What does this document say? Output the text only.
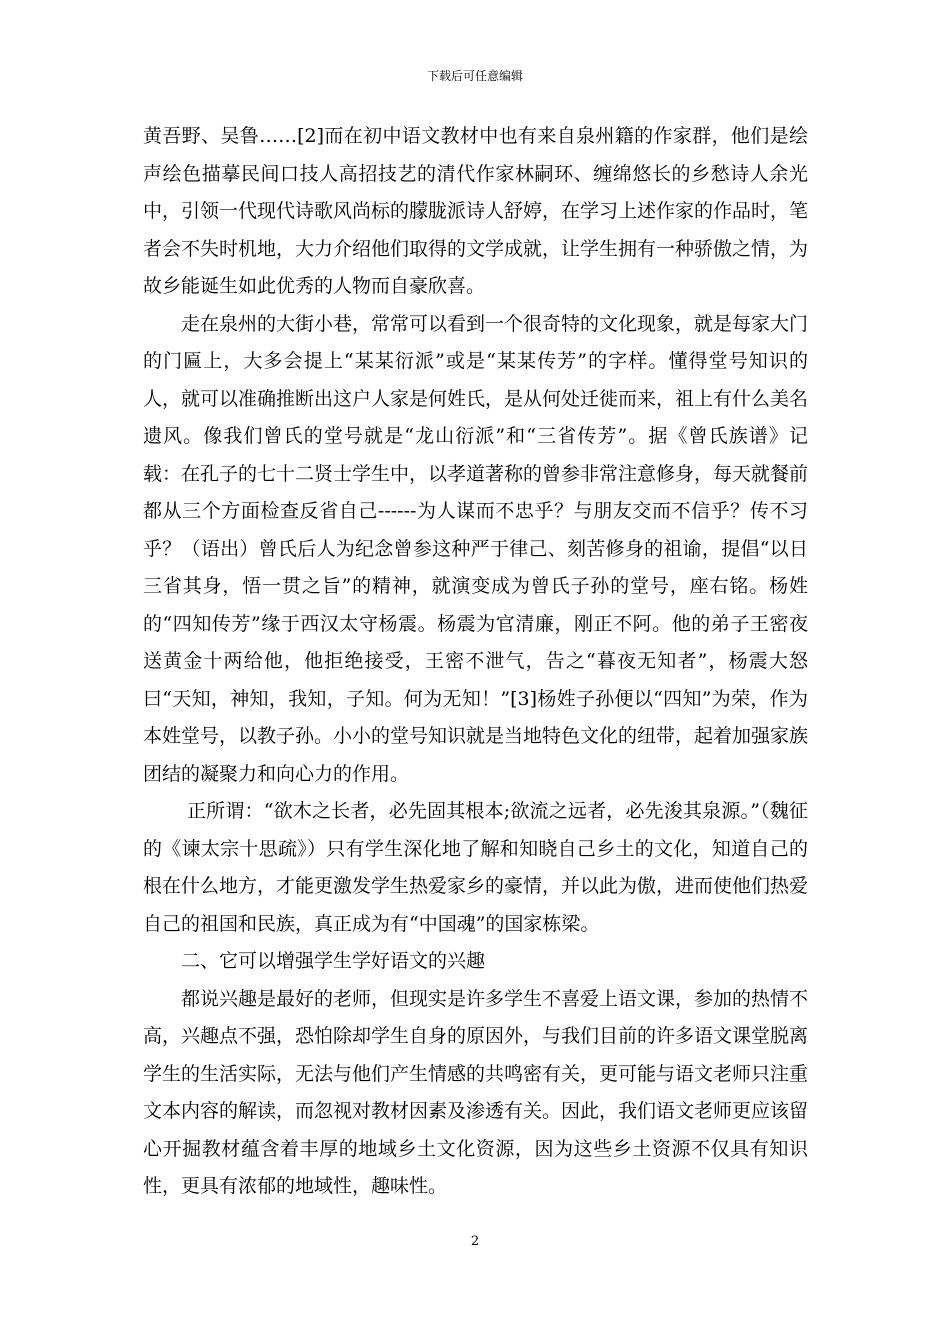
下载后可任意编辑

黄吾野、吴鲁……[2]而在初中语文教材中也有来自泉州籍的作家群，他们是绘声绘色描摹民间口技人高招技艺的清代作家林嗣环、缠绵悠长的乡愁诗人余光中，引领一代现代诗歌风尚标的朦胧派诗人舒婷，在学习上述作家的作品时，笔者会不失时机地，大力介绍他们取得的文学成就，让学生拥有一种骄傲之情，为故乡能诞生如此优秀的人物而自豪欣喜。

走在泉州的大街小巷，常常可以看到一个很奇特的文化现象，就是每家大门的门匾上，大多会提上“某某衍派”或是“某某传芳”的字样。懂得堂号知识的人，就可以准确推断出这户人家是何姓氏，是从何处迁徙而来，祖上有什么美名遗风。像我们曾氏的堂号就是“龙山衍派”和“三省传芳”。据《曾氏族谱》记载：在孔子的七十二贤士学生中，以孝道著称的曾参非常注意修身，每天就餐前都从三个方面检查反省自己------为人谋而不忠乎？与朋友交而不信乎？传不习乎？（语出）曾氏后人为纪念曾参这种严于律己、刻苦修身的祖谕，提倡“以日三省其身，悟一贯之旨”的精神，就演变成为曾氏子孙的堂号，座右铭。杨姓的“四知传芳”缘于西汉太守杨震。杨震为官清廉，刚正不阿。他的弟子王密夜送黄金十两给他，他拒绝接受，王密不泄气，告之“暮夜无知者”，杨震大怒曰“天知，神知，我知，子知。何为无知！”[3]杨姓子孙便以“四知”为荣，作为本姓堂号，以教子孙。小小的堂号知识就是当地特色文化的纽带，起着加强家族团结的凝聚力和向心力的作用。

正所谓：“欲木之长者，必先固其根本;欲流之远者，必先浚其泉源。”（魏征的《谏太宗十思疏》）只有学生深化地了解和知晓自己乡土的文化，知道自己的根在什么地方，才能更激发学生热爱家乡的豪情，并以此为傲，进而使他们热爱自己的祖国和民族，真正成为有“中国魂”的国家栋梁。

二、它可以增强学生学好语文的兴趣

都说兴趣是最好的老师，但现实是许多学生不喜爱上语文课，参加的热情不高，兴趣点不强，恐怕除却学生自身的原因外，与我们目前的许多语文课堂脱离学生的生活实际，无法与他们产生情感的共鸣密有关，更可能与语文老师只注重文本内容的解读，而忽视对教材因素及渗透有关。因此，我们语文老师更应该留心开掘教材蕴含着丰厚的地域乡土文化资源，因为这些乡土资源不仅具有知识性，更具有浓郁的地域性，趣味性。

2
